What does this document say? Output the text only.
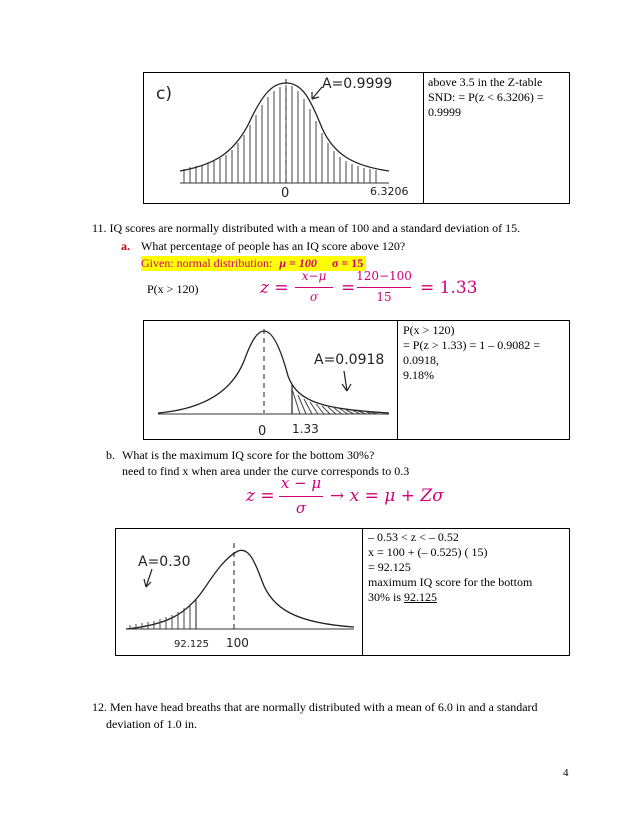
c)	A=0.9999
0	6.3206
above 3.5 in the Z-table
SND: = P(z < 6.3206) =
0.9999
11. IQ scores are normally distributed with a mean of 100 and a standard deviation of 15.
a. What percentage of people has an IQ score above 120?
Given: normal distribution: μ = 100 σ = 15
P(x > 120)	z =
x−μ
σ	=
120−100
15	= 1.33
A=0.0918
0 1.33
P(x > 120)
= P(z > 1.33) = 1 – 0.9082 =
0.0918,
9.18%
b. What is the maximum IQ score for the bottom 30%?
need to find x when area under the curve corresponds to 0.3
z =
x − μ
σ
→ x = μ + Zσ
A=0.30
92.125 100
– 0.53 < z < – 0.52
x = 100 + (– 0.525) ( 15)
= 92.125
maximum IQ score for the bottom
30% is 92.125
12. Men have head breaths that are normally distributed with a mean of 6.0 in and a standard
deviation of 1.0 in.
4
